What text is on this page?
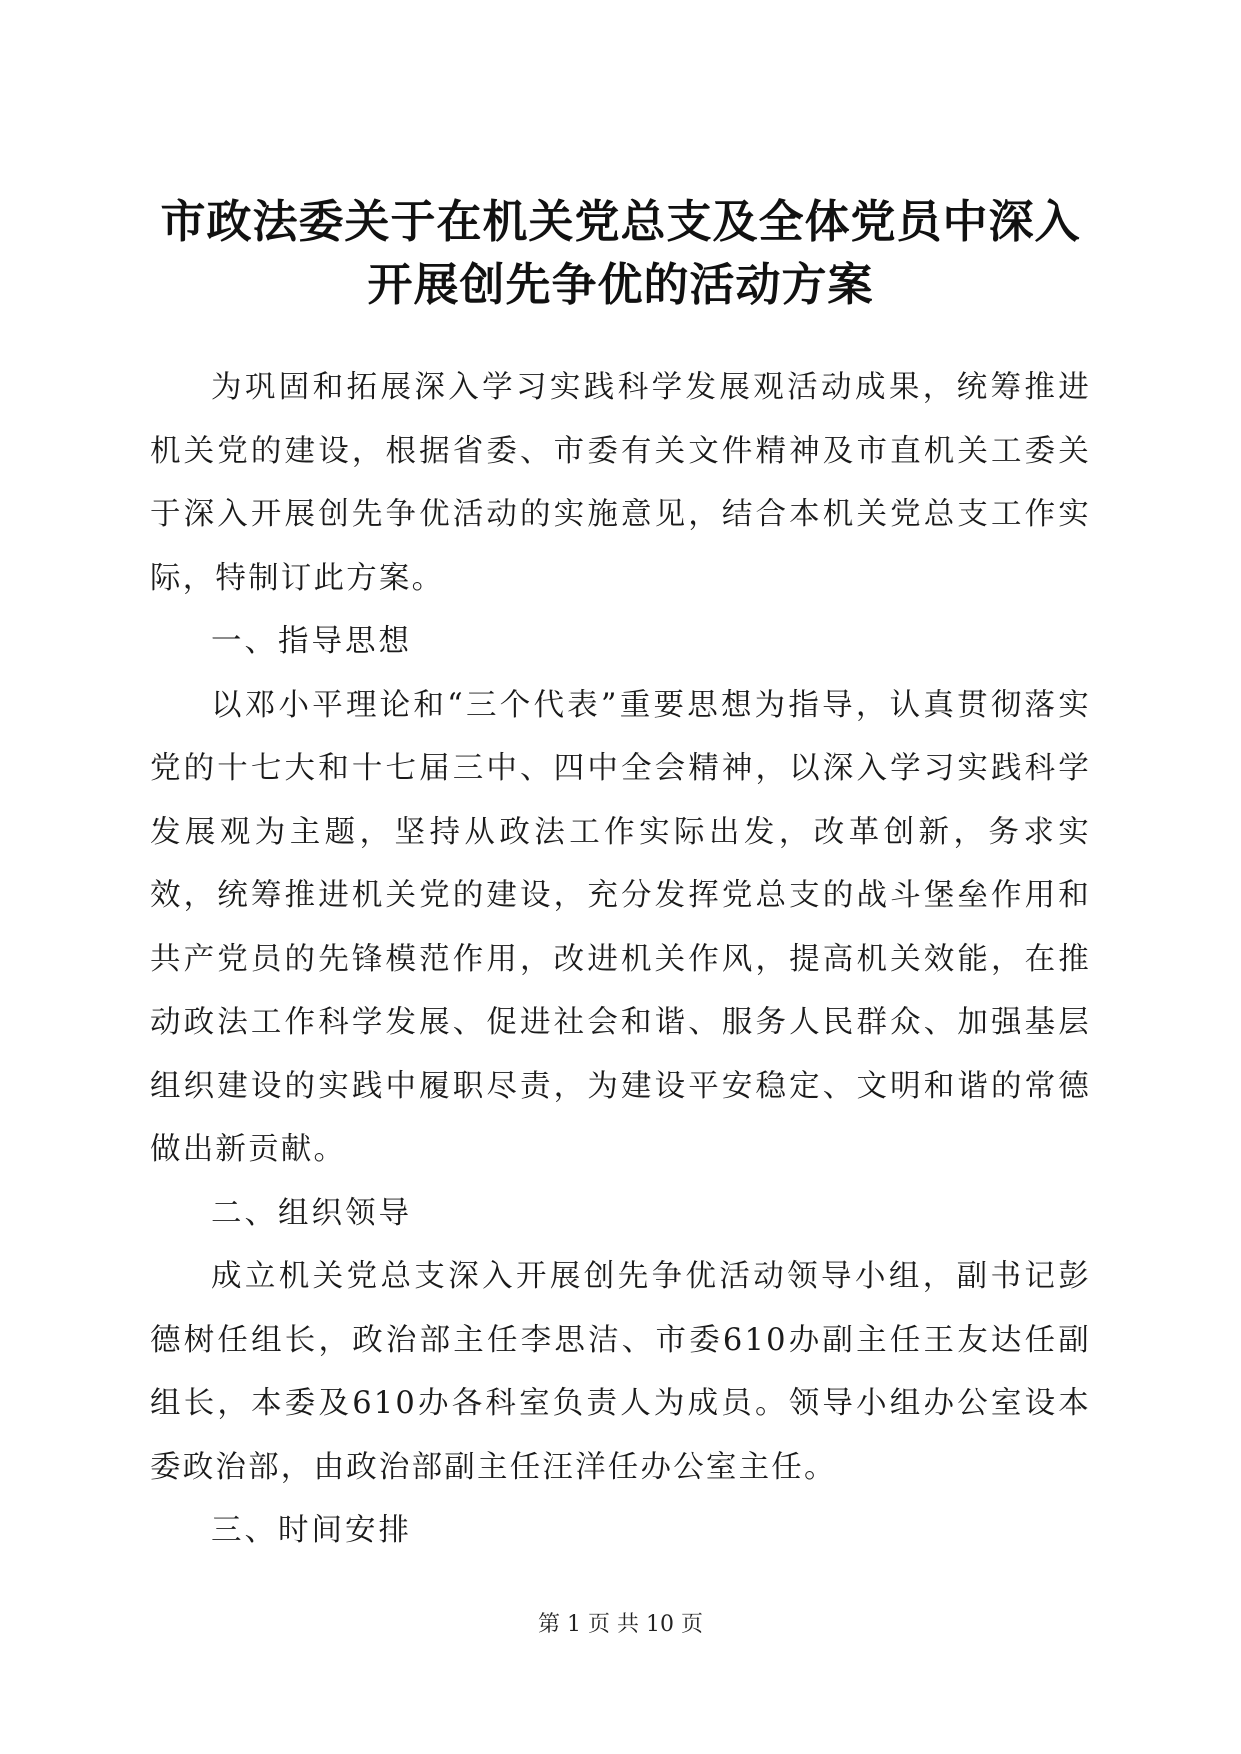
市政法委关于在机关党总支及全体党员中深入开展创先争优的活动方案

为巩固和拓展深入学习实践科学发展观活动成果，统筹推进机关党的建设，根据省委、市委有关文件精神及市直机关工委关于深入开展创先争优活动的实施意见，结合本机关党总支工作实际，特制订此方案。

一、指导思想

以邓小平理论和“三个代表”重要思想为指导，认真贯彻落实党的十七大和十七届三中、四中全会精神，以深入学习实践科学发展观为主题，坚持从政法工作实际出发，改革创新，务求实效，统筹推进机关党的建设，充分发挥党总支的战斗堡垒作用和共产党员的先锋模范作用，改进机关作风，提高机关效能，在推动政法工作科学发展、促进社会和谐、服务人民群众、加强基层组织建设的实践中履职尽责，为建设平安稳定、文明和谐的常德做出新贡献。

二、组织领导

成立机关党总支深入开展创先争优活动领导小组，副书记彭德树任组长，政治部主任李思洁、市委610办副主任王友达任副组长，本委及610办各科室负责人为成员。领导小组办公室设本委政治部，由政治部副主任汪洋任办公室主任。

三、时间安排

第 1 页 共 10 页
